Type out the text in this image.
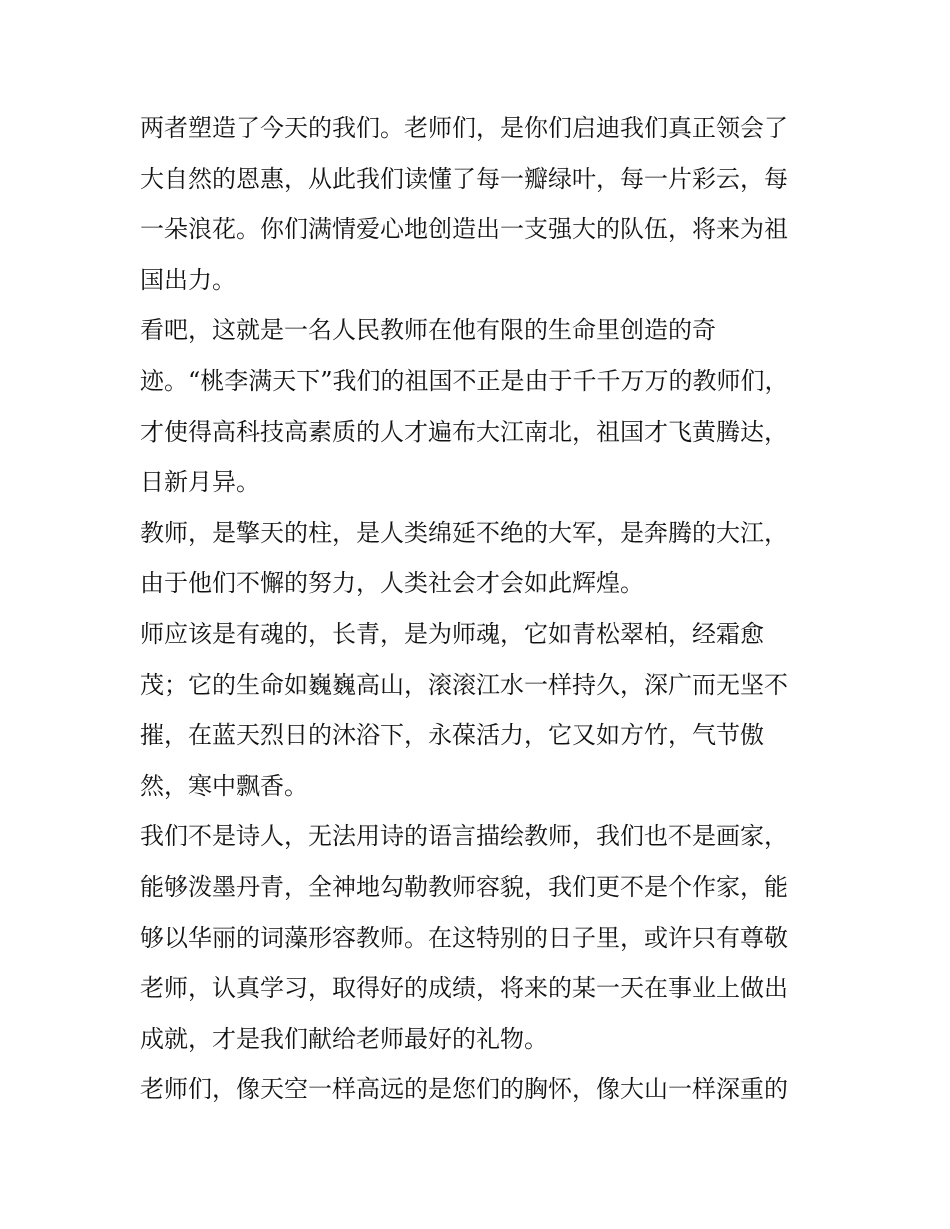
两者塑造了今天的我们。老师们，是你们启迪我们真正领会了
大自然的恩惠，从此我们读懂了每一瓣绿叶，每一片彩云，每
一朵浪花。你们满情爱心地创造出一支强大的队伍，将来为祖
国出力。
看吧，这就是一名人民教师在他有限的生命里创造的奇
迹。“桃李满天下”我们的祖国不正是由于千千万万的教师们，
才使得高科技高素质的人才遍布大江南北，祖国才飞黄腾达，
日新月异。
教师，是擎天的柱，是人类绵延不绝的大军，是奔腾的大江，
由于他们不懈的努力，人类社会才会如此辉煌。
师应该是有魂的，长青，是为师魂，它如青松翠柏，经霜愈
茂；它的生命如巍巍高山，滚滚江水一样持久，深广而无坚不
摧，在蓝天烈日的沐浴下，永葆活力，它又如方竹，气节傲
然，寒中飘香。
我们不是诗人，无法用诗的语言描绘教师，我们也不是画家，
能够泼墨丹青，全神地勾勒教师容貌，我们更不是个作家，能
够以华丽的词藻形容教师。在这特别的日子里，或许只有尊敬
老师，认真学习，取得好的成绩，将来的某一天在事业上做出
成就，才是我们献给老师最好的礼物。
老师们，像天空一样高远的是您们的胸怀，像大山一样深重的
